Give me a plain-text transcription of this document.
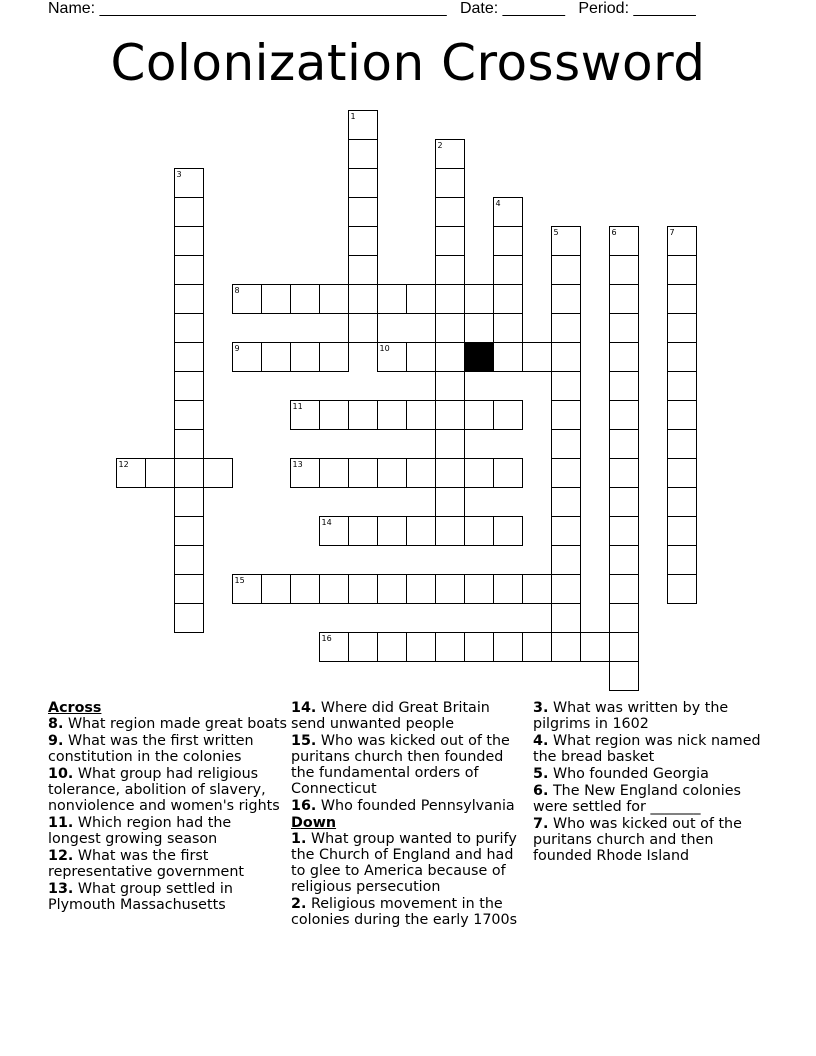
Name: _______________________________________ Date: _______ Period: _______
Colonization Crossword
1
2
3
4
5	6	7
8
9	10
11
12	13
14
15
16
Across
8. What region made great boats
9. What was the first written constitution in the colonies
10. What group had religious tolerance, abolition of slavery, nonviolence and women's rights
11. Which region had the longest growing season
12. What was the first representative government
13. What group settled in Plymouth Massachusetts
14. Where did Great Britain send unwanted people
15. Who was kicked out of the puritans church then founded the fundamental orders of Connecticut
16. Who founded Pennsylvania
Down
1. What group wanted to purify the Church of England and had to glee to America because of religious persecution
2. Religious movement in the colonies during the early 1700s
3. What was written by the pilgrims in 1602
4. What region was nick named the bread basket
5. Who founded Georgia
6. The New England colonies were settled for _______
7. Who was kicked out of the puritans church and then founded Rhode Island
